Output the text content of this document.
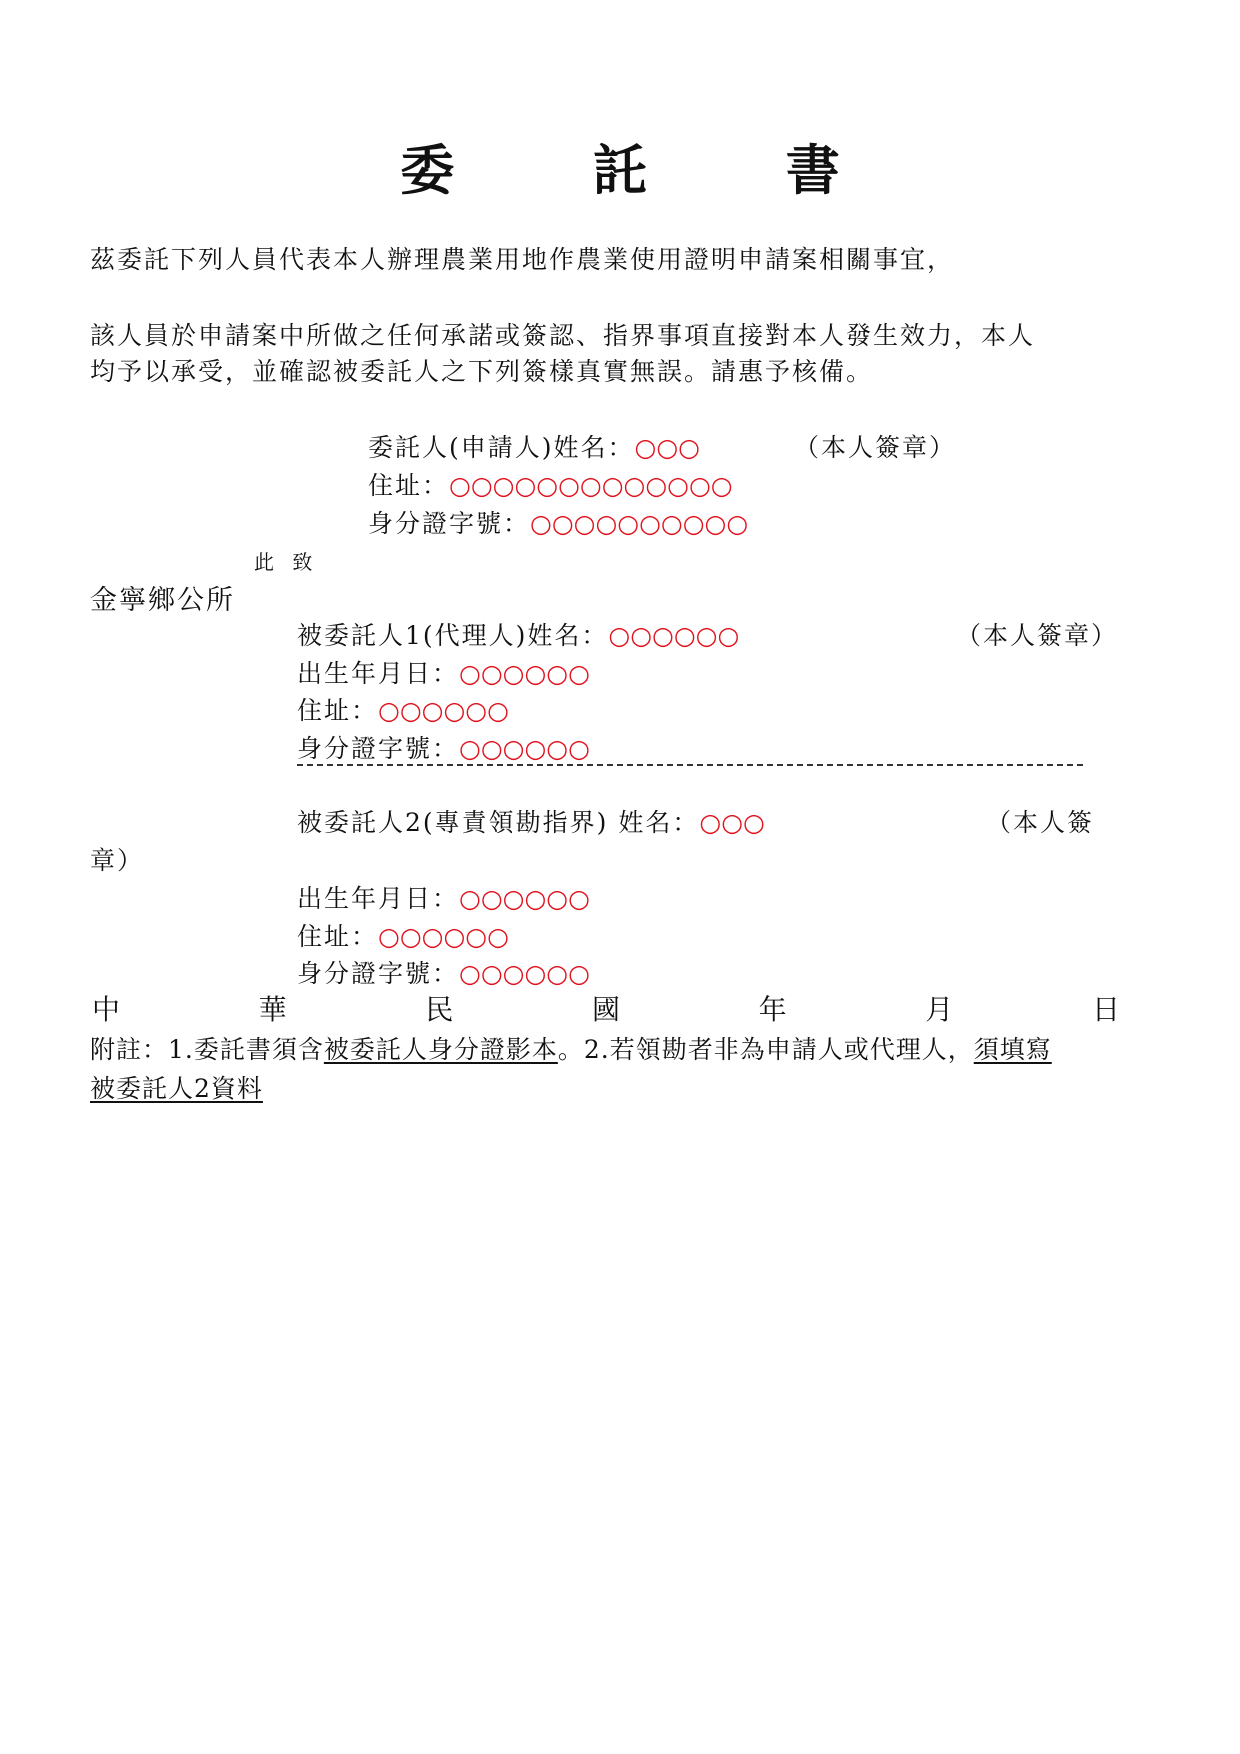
委 託 書
茲委託下列人員代表本人辦理農業用地作農業使用證明申請案相關事宜，
該人員於申請案中所做之任何承諾或簽認、指界事項直接對本人發生效力，本人
均予以承受，並確認被委託人之下列簽樣真實無誤。請惠予核備。
委託人(申請人)姓名：○○○	（本人簽章）
住址：○○○○○○○○○○○○○
身分證字號：○○○○○○○○○○
此 致
金寧鄉公所
被委託人1(代理人)姓名：○○○○○○	（本人簽章）
出生年月日：○○○○○○
住址：○○○○○○
身分證字號：○○○○○○
被委託人2(專責領勘指界) 姓名：○○○	（本人簽
章）
出生年月日：○○○○○○
住址：○○○○○○
身分證字號：○○○○○○
中	華	民	國	年	月	日
附註：1.委託書須含被委託人身分證影本。2.若領勘者非為申請人或代理人，須填寫
被委託人2資料
